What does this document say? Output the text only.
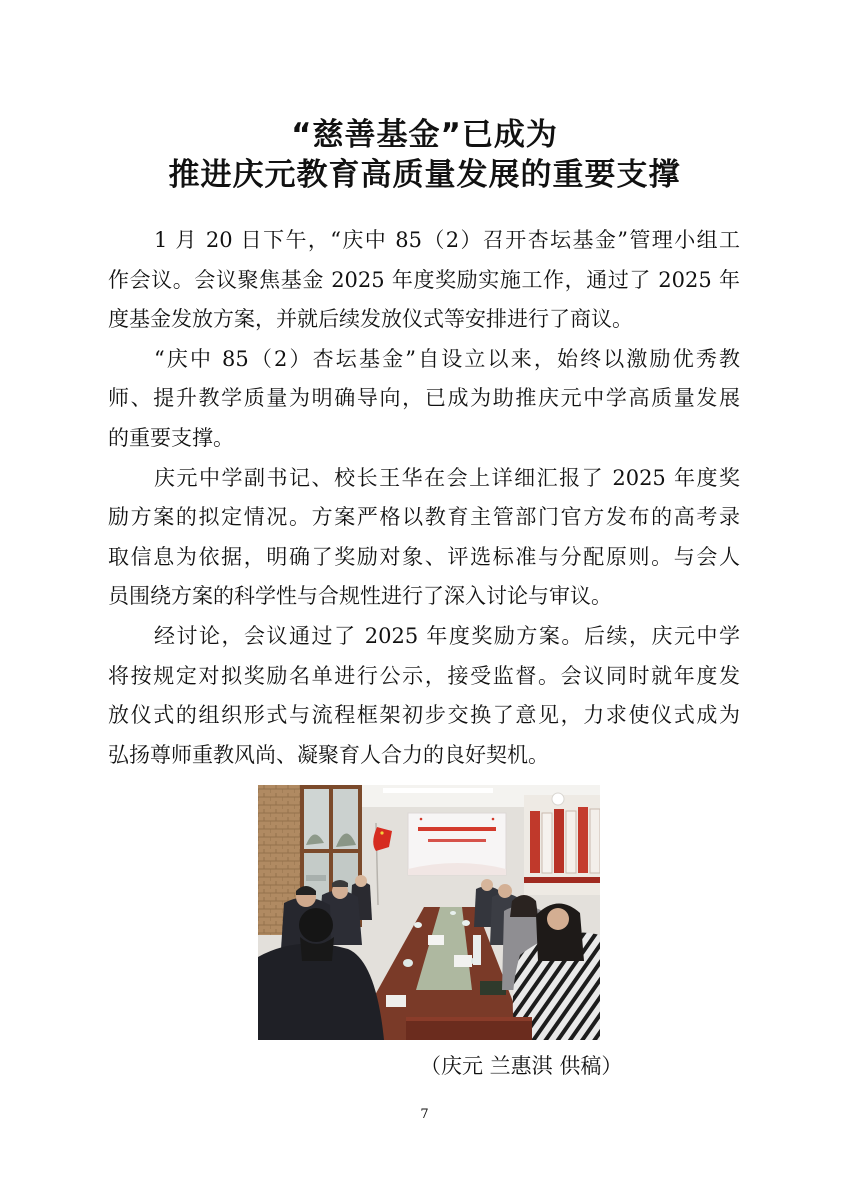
“慈善基金”已成为
推进庆元教育高质量发展的重要支撑
1 月 20 日下午，“庆中 85（2）召开杏坛基金”管理小组工
作会议。会议聚焦基金 2025 年度奖励实施工作，通过了 2025 年
度基金发放方案，并就后续发放仪式等安排进行了商议。
“庆中 85（2）杏坛基金”自设立以来，始终以激励优秀教
师、提升教学质量为明确导向，已成为助推庆元中学高质量发展
的重要支撑。
庆元中学副书记、校长王华在会上详细汇报了 2025 年度奖
励方案的拟定情况。方案严格以教育主管部门官方发布的高考录
取信息为依据，明确了奖励对象、评选标准与分配原则。与会人
员围绕方案的科学性与合规性进行了深入讨论与审议。
经讨论，会议通过了 2025 年度奖励方案。后续，庆元中学
将按规定对拟奖励名单进行公示，接受监督。会议同时就年度发
放仪式的组织形式与流程框架初步交换了意见，力求使仪式成为
弘扬尊师重教风尚、凝聚育人合力的良好契机。
（庆元 兰惠淇 供稿）
7
